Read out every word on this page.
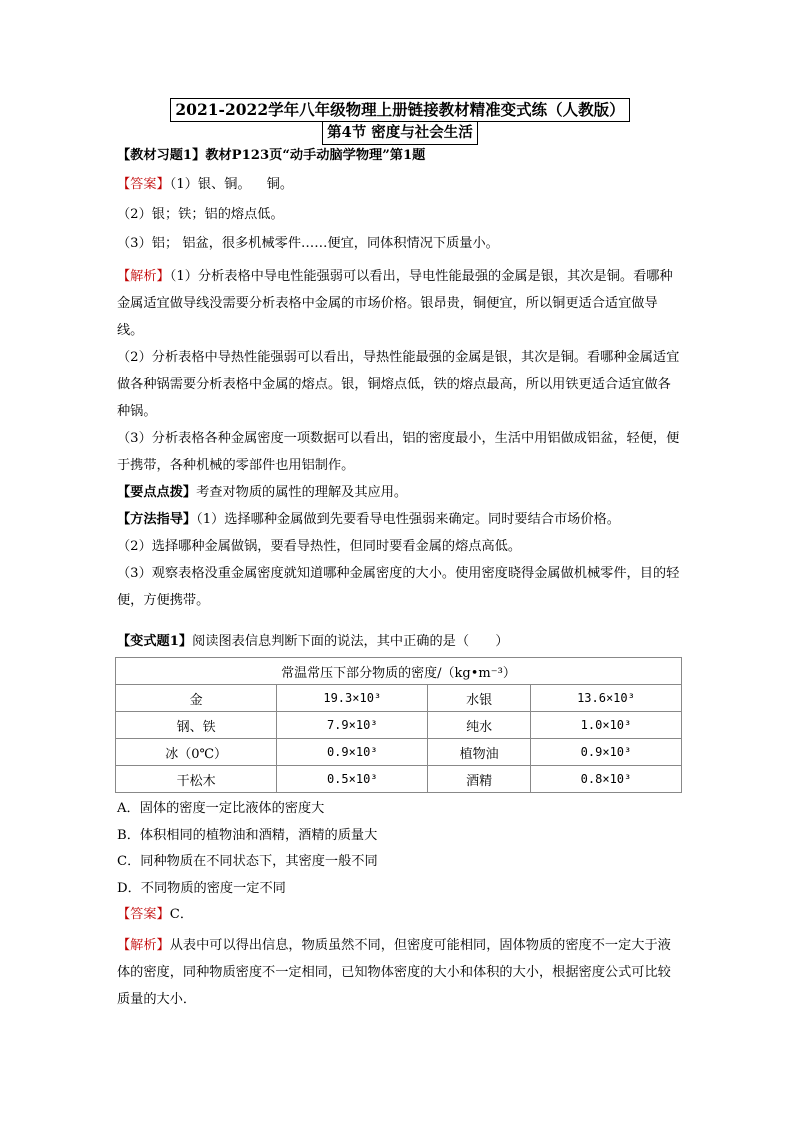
2021-2022学年八年级物理上册链接教材精准变式练（人教版）
第4节 密度与社会生活

【教材习题1】教材P123页“动手动脑学物理”第1题

【答案】（1）银、铜。 铜。

（2）银；铁；铝的熔点低。

（3）铝； 铝盆，很多机械零件……便宜，同体积情况下质量小。

【解析】（1）分析表格中导电性能强弱可以看出，导电性能最强的金属是银，其次是铜。看哪种金属适宜做导线没需要分析表格中金属的市场价格。银昂贵，铜便宜，所以铜更适合适宜做导线。

（2）分析表格中导热性能强弱可以看出，导热性能最强的金属是银，其次是铜。看哪种金属适宜做各种锅需要分析表格中金属的熔点。银，铜熔点低，铁的熔点最高，所以用铁更适合适宜做各种锅。

（3）分析表格各种金属密度一项数据可以看出，铝的密度最小，生活中用铝做成铝盆，轻便，便于携带，各种机械的零部件也用铝制作。

【要点点拨】考查对物质的属性的理解及其应用。

【方法指导】（1）选择哪种金属做到先要看导电性强弱来确定。同时要结合市场价格。

（2）选择哪种金属做锅，要看导热性，但同时要看金属的熔点高低。

（3）观察表格没重金属密度就知道哪种金属密度的大小。使用密度晓得金属做机械零件，目的轻便，方便携带。

【变式题1】阅读图表信息判断下面的说法，其中正确的是（　　）

常温常压下部分物质的密度/（kg•m⁻³）			
金	19.3×10³	水银	13.6×10³
钢、铁	7.9×10³	纯水	1.0×10³
冰（0℃）	0.9×10³	植物油	0.9×10³
干松木	0.5×10³	酒精	0.8×10³

A．固体的密度一定比液体的密度大

B．体积相同的植物油和酒精，酒精的质量大

C．同种物质在不同状态下，其密度一般不同

D．不同物质的密度一定不同

【答案】C．

【解析】从表中可以得出信息，物质虽然不同，但密度可能相同，固体物质的密度不一定大于液体的密度，同种物质密度不一定相同，已知物体密度的大小和体积的大小，根据密度公式可比较质量的大小．
